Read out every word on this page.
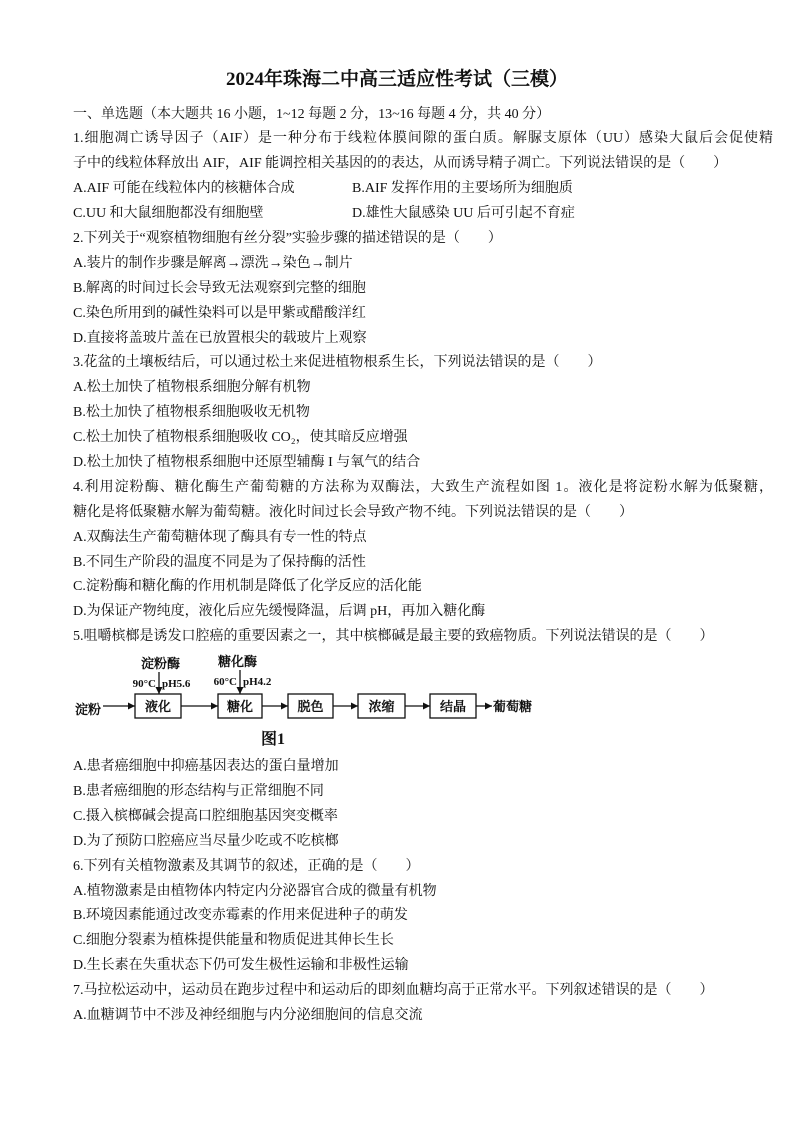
2024年珠海二中高三适应性考试（三模）
一、单选题（本大题共 16 小题，1~12 每题 2 分，13~16 每题 4 分，共 40 分）
1.细胞凋亡诱导因子（AIF）是一种分布于线粒体膜间隙的蛋白质。解脲支原体（UU）感染大鼠后会促使精
子中的线粒体释放出 AIF，AIF 能调控相关基因的的表达，从而诱导精子凋亡。下列说法错误的是（　　）
A.AIF 可能在线粒体内的核糖体合成	B.AIF 发挥作用的主要场所为细胞质
C.UU 和大鼠细胞都没有细胞壁	D.雄性大鼠感染 UU 后可引起不育症
2.下列关于“观察植物细胞有丝分裂”实验步骤的描述错误的是（　　）
A.装片的制作步骤是解离→漂洗→染色→制片
B.解离的时间过长会导致无法观察到完整的细胞
C.染色所用到的碱性染料可以是甲紫或醋酸洋红
D.直接将盖玻片盖在已放置根尖的载玻片上观察
3.花盆的土壤板结后，可以通过松土来促进植物根系生长，下列说法错误的是（　　）
A.松土加快了植物根系细胞分解有机物
B.松土加快了植物根系细胞吸收无机物
C.松土加快了植物根系细胞吸收 CO₂，使其暗反应增强
D.松土加快了植物根系细胞中还原型辅酶 I 与氧气的结合
4.利用淀粉酶、糖化酶生产葡萄糖的方法称为双酶法，大致生产流程如图 1。液化是将淀粉水解为低聚糖，
糖化是将低聚糖水解为葡萄糖。液化时间过长会导致产物不纯。下列说法错误的是（　　）
A.双酶法生产葡萄糖体现了酶具有专一性的特点
B.不同生产阶段的温度不同是为了保持酶的活性
C.淀粉酶和糖化酶的作用机制是降低了化学反应的活化能
D.为保证产物纯度，液化后应先缓慢降温，后调 pH，再加入糖化酶
5.咀嚼槟榔是诱发口腔癌的重要因素之一，其中槟榔碱是最主要的致癌物质。下列说法错误的是（　　）
淀粉
淀粉酶
90°C pH5.6
液化
糖化酶
60°C pH4.2
糖化	脱色	浓缩	结晶 葡萄糖
图1
A.患者癌细胞中抑癌基因表达的蛋白量增加
B.患者癌细胞的形态结构与正常细胞不同
C.摄入槟榔碱会提高口腔细胞基因突变概率
D.为了预防口腔癌应当尽量少吃或不吃槟榔
6.下列有关植物激素及其调节的叙述，正确的是（　　）
A.植物激素是由植物体内特定内分泌器官合成的微量有机物
B.环境因素能通过改变赤霉素的作用来促进种子的萌发
C.细胞分裂素为植株提供能量和物质促进其伸长生长
D.生长素在失重状态下仍可发生极性运输和非极性运输
7.马拉松运动中，运动员在跑步过程中和运动后的即刻血糖均高于正常水平。下列叙述错误的是（　　）
A.血糖调节中不涉及神经细胞与内分泌细胞间的信息交流
